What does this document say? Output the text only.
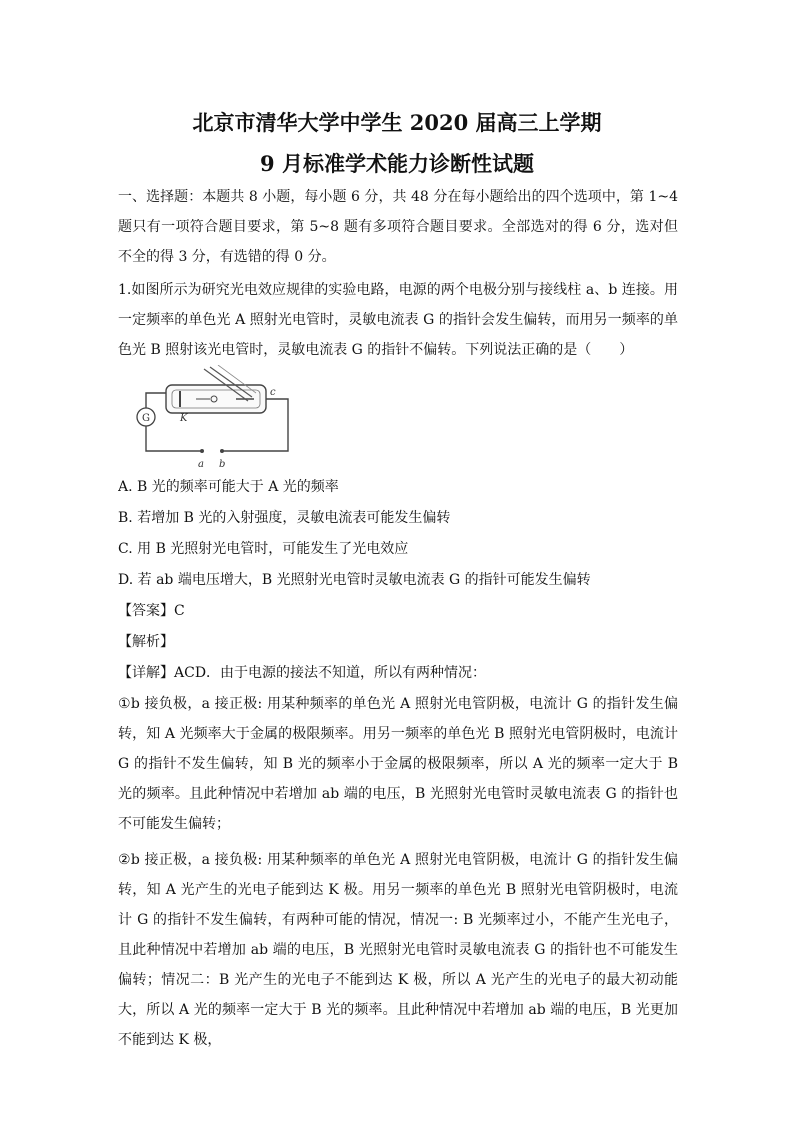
北京市清华大学中学生 2020 届高三上学期
9 月标准学术能力诊断性试题
一、选择题：本题共 8 小题，每小题 6 分，共 48 分在每小题给出的四个选项中，第 1~4 题只有一项符合题目要求，第 5~8 题有多项符合题目要求。全部选对的得 6 分，选对但不全的得 3 分，有选错的得 0 分。
1.如图所示为研究光电效应规律的实验电路，电源的两个电极分别与接线柱 a、b 连接。用一定频率的单色光 A 照射光电管时，灵敏电流表 G 的指针会发生偏转，而用另一频率的单色光 B 照射该光电管时，灵敏电流表 G 的指针不偏转。下列说法正确的是（　　）
G	K
c
a b
A. B 光的频率可能大于 A 光的频率
B. 若增加 B 光的入射强度，灵敏电流表可能发生偏转
C. 用 B 光照射光电管时，可能发生了光电效应
D. 若 ab 端电压增大，B 光照射光电管时灵敏电流表 G 的指针可能发生偏转
【答案】C
【解析】
【详解】ACD．由于电源的接法不知道，所以有两种情况：
①b 接负极，a 接正极: 用某种频率的单色光 A 照射光电管阴极，电流计 G 的指针发生偏转，知 A 光频率大于金属的极限频率。用另一频率的单色光 B 照射光电管阴极时，电流计 G 的指针不发生偏转，知 B 光的频率小于金属的极限频率，所以 A 光的频率一定大于 B 光的频率。且此种情况中若增加 ab 端的电压，B 光照射光电管时灵敏电流表 G 的指针也不可能发生偏转；
②b 接正极，a 接负极: 用某种频率的单色光 A 照射光电管阴极，电流计 G 的指针发生偏转，知 A 光产生的光电子能到达 K 极。用另一频率的单色光 B 照射光电管阴极时，电流计 G 的指针不发生偏转，有两种可能的情况，情况一: B 光频率过小，不能产生光电子，且此种情况中若增加 ab 端的电压，B 光照射光电管时灵敏电流表 G 的指针也不可能发生偏转；情况二：B 光产生的光电子不能到达 K 极，所以 A 光产生的光电子的最大初动能大，所以 A 光的频率一定大于 B 光的频率。且此种情况中若增加 ab 端的电压，B 光更加不能到达 K 极，
